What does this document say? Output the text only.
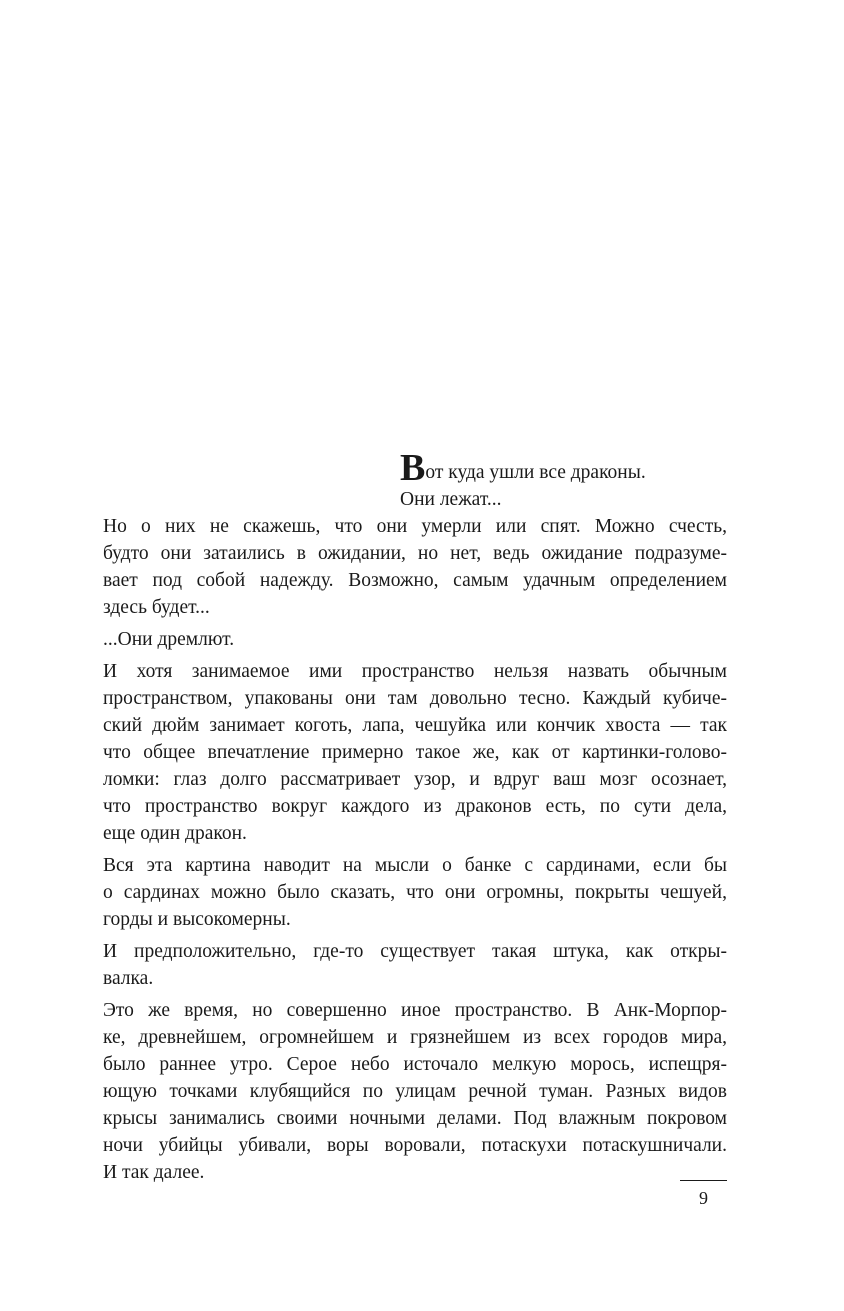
Вот куда ушли все драконы.
Они лежат...
Но о них не скажешь, что они умерли или спят. Можно счесть,
будто они затаились в ожидании, но нет, ведь ожидание подразуме-
вает под собой надежду. Возможно, самым удачным определением
здесь будет...
...Они дремлют.
И хотя занимаемое ими пространство нельзя назвать обычным
пространством, упакованы они там довольно тесно. Каждый кубиче-
ский дюйм занимает коготь, лапа, чешуйка или кончик хвоста — так
что общее впечатление примерно такое же, как от картинки-голово-
ломки: глаз долго рассматривает узор, и вдруг ваш мозг осознает,
что пространство вокруг каждого из драконов есть, по сути дела,
еще один дракон.
Вся эта картина наводит на мысли о банке с сардинами, если бы
о сардинах можно было сказать, что они огромны, покрыты чешуей,
горды и высокомерны.
И предположительно, где-то существует такая штука, как откры-
валка.
Это же время, но совершенно иное пространство. В Анк-Морпор-
ке, древнейшем, огромнейшем и грязнейшем из всех городов мира,
было раннее утро. Серое небо источало мелкую морось, испещря-
ющую точками клубящийся по улицам речной туман. Разных видов
крысы занимались своими ночными делами. Под влажным покровом
ночи убийцы убивали, воры воровали, потаскухи потаскушничали.
И так далее.
9
